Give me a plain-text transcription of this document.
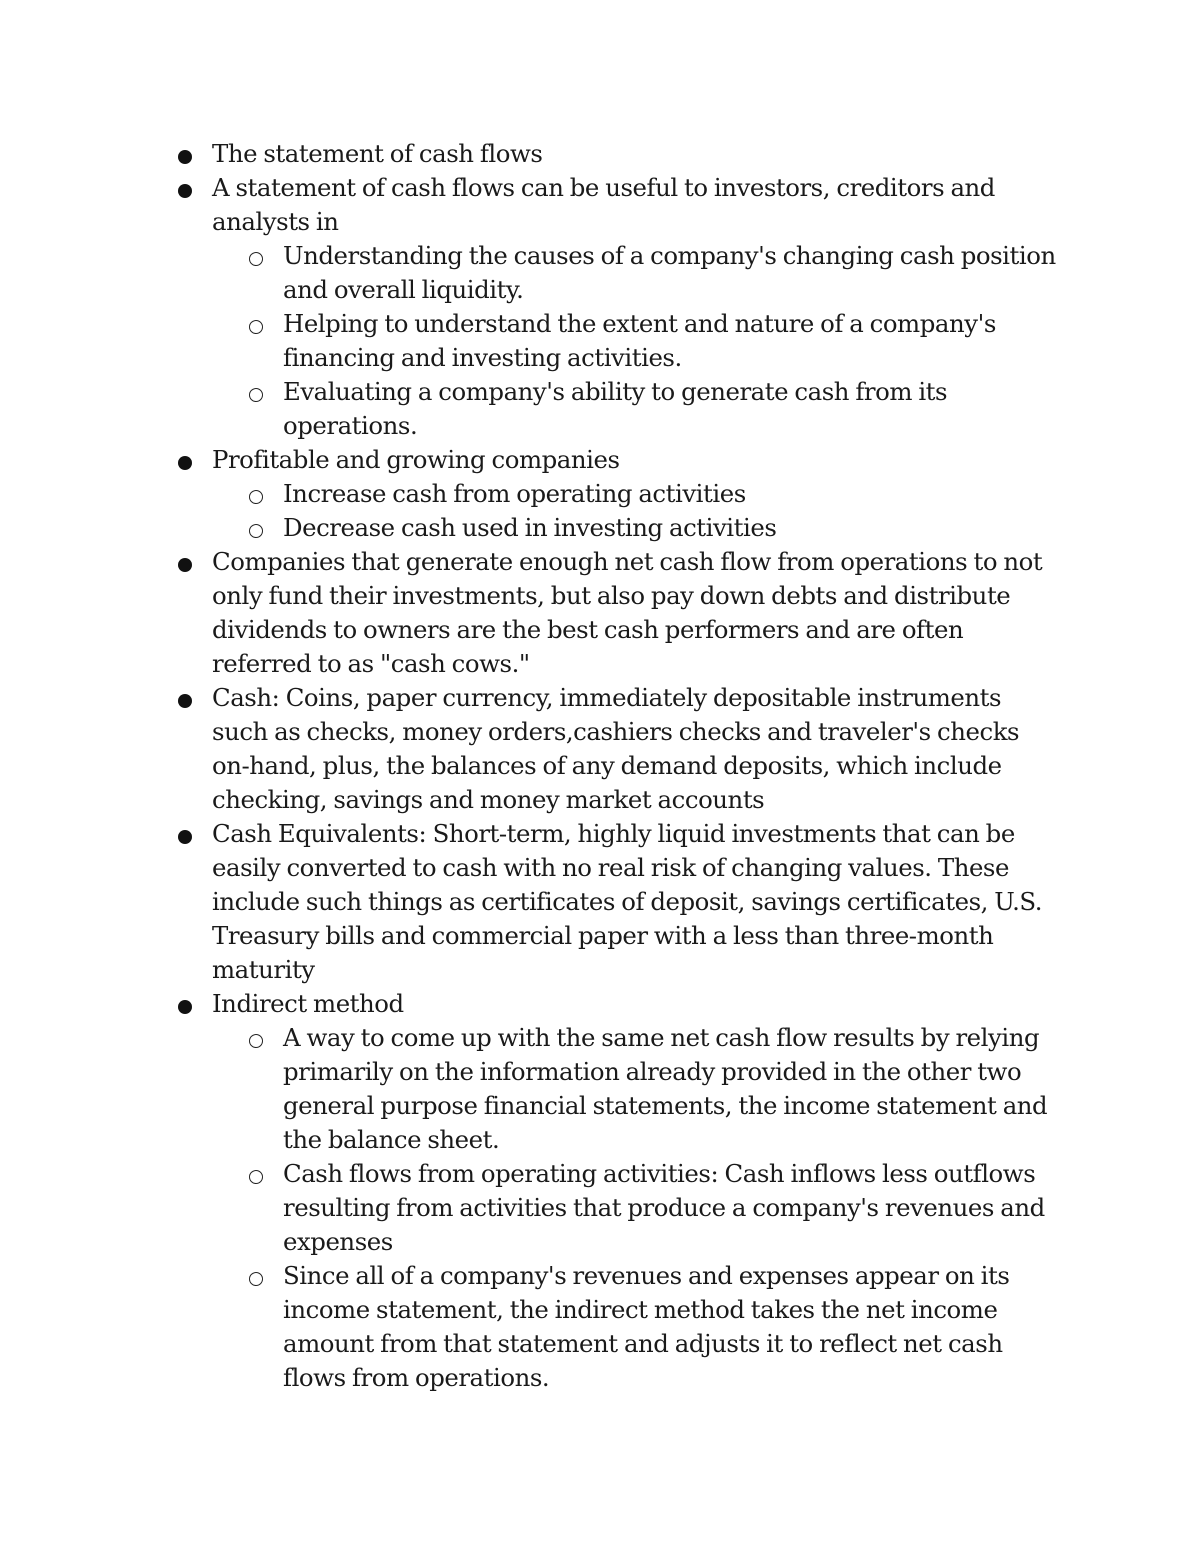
The statement of cash flows
A statement of cash flows can be useful to investors, creditors and analysts in
Understanding the causes of a company's changing cash position and overall liquidity.
Helping to understand the extent and nature of a company's financing and investing activities.
Evaluating a company's ability to generate cash from its operations.
Profitable and growing companies
Increase cash from operating activities
Decrease cash used in investing activities
Companies that generate enough net cash flow from operations to not only fund their investments, but also pay down debts and distribute dividends to owners are the best cash performers and are often referred to as "cash cows."
Cash: Coins, paper currency, immediately depositable instruments such as checks, money orders,cashiers checks and traveler's checks on-hand, plus, the balances of any demand deposits, which include checking, savings and money market accounts
Cash Equivalents: Short-term, highly liquid investments that can be easily converted to cash with no real risk of changing values. These include such things as certificates of deposit, savings certificates, U.S. Treasury bills and commercial paper with a less than three-month maturity
Indirect method
A way to come up with the same net cash flow results by relying primarily on the information already provided in the other two general purpose financial statements, the income statement and the balance sheet.
Cash flows from operating activities: Cash inflows less outflows resulting from activities that produce a company's revenues and expenses
Since all of a company's revenues and expenses appear on its income statement, the indirect method takes the net income amount from that statement and adjusts it to reflect net cash flows from operations.
